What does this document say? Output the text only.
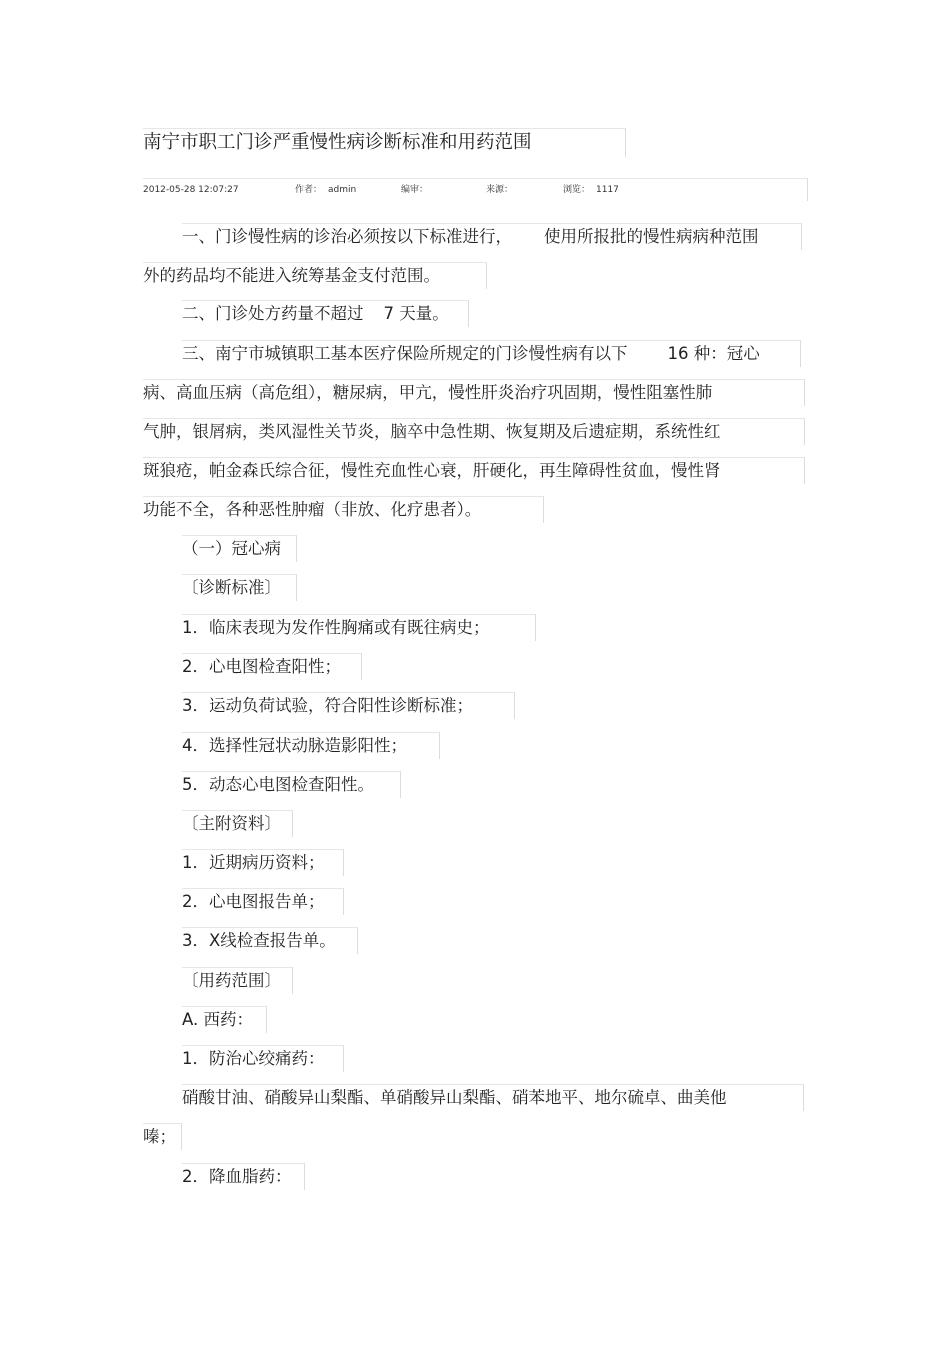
南宁市职工门诊严重慢性病诊断标准和用药范围
2012-05-28 12:07:27	作者： admin	编审：	来源：	浏览： 1117
一、门诊慢性病的诊治必须按以下标准进行， 使用所报批的慢性病病种范围
外的药品均不能进入统筹基金支付范围。
二、门诊处方药量不超过 7 天量。
三、南宁市城镇职工基本医疗保险所规定的门诊慢性病有以下 16 种：冠心
病、高血压病（高危组），糖尿病，甲亢，慢性肝炎治疗巩固期，慢性阻塞性肺
气肿，银屑病，类风湿性关节炎，脑卒中急性期、恢复期及后遗症期，系统性红
斑狼疮，帕金森氏综合征，慢性充血性心衰，肝硬化，再生障碍性贫血，慢性肾
功能不全，各种恶性肿瘤（非放、化疗患者）。
（一）冠心病
〔诊断标准〕
1．临床表现为发作性胸痛或有既往病史；
2．心电图检查阳性；
3．运动负荷试验，符合阳性诊断标准；
4．选择性冠状动脉造影阳性；
5．动态心电图检查阳性。
〔主附资料〕
1．近期病历资料；
2．心电图报告单；
3．X线检查报告单。
〔用药范围〕
A. 西药：
1．防治心绞痛药：
硝酸甘油、硝酸异山梨酯、单硝酸异山梨酯、硝苯地平、地尔硫卓、曲美他
嗪；
2．降血脂药：
